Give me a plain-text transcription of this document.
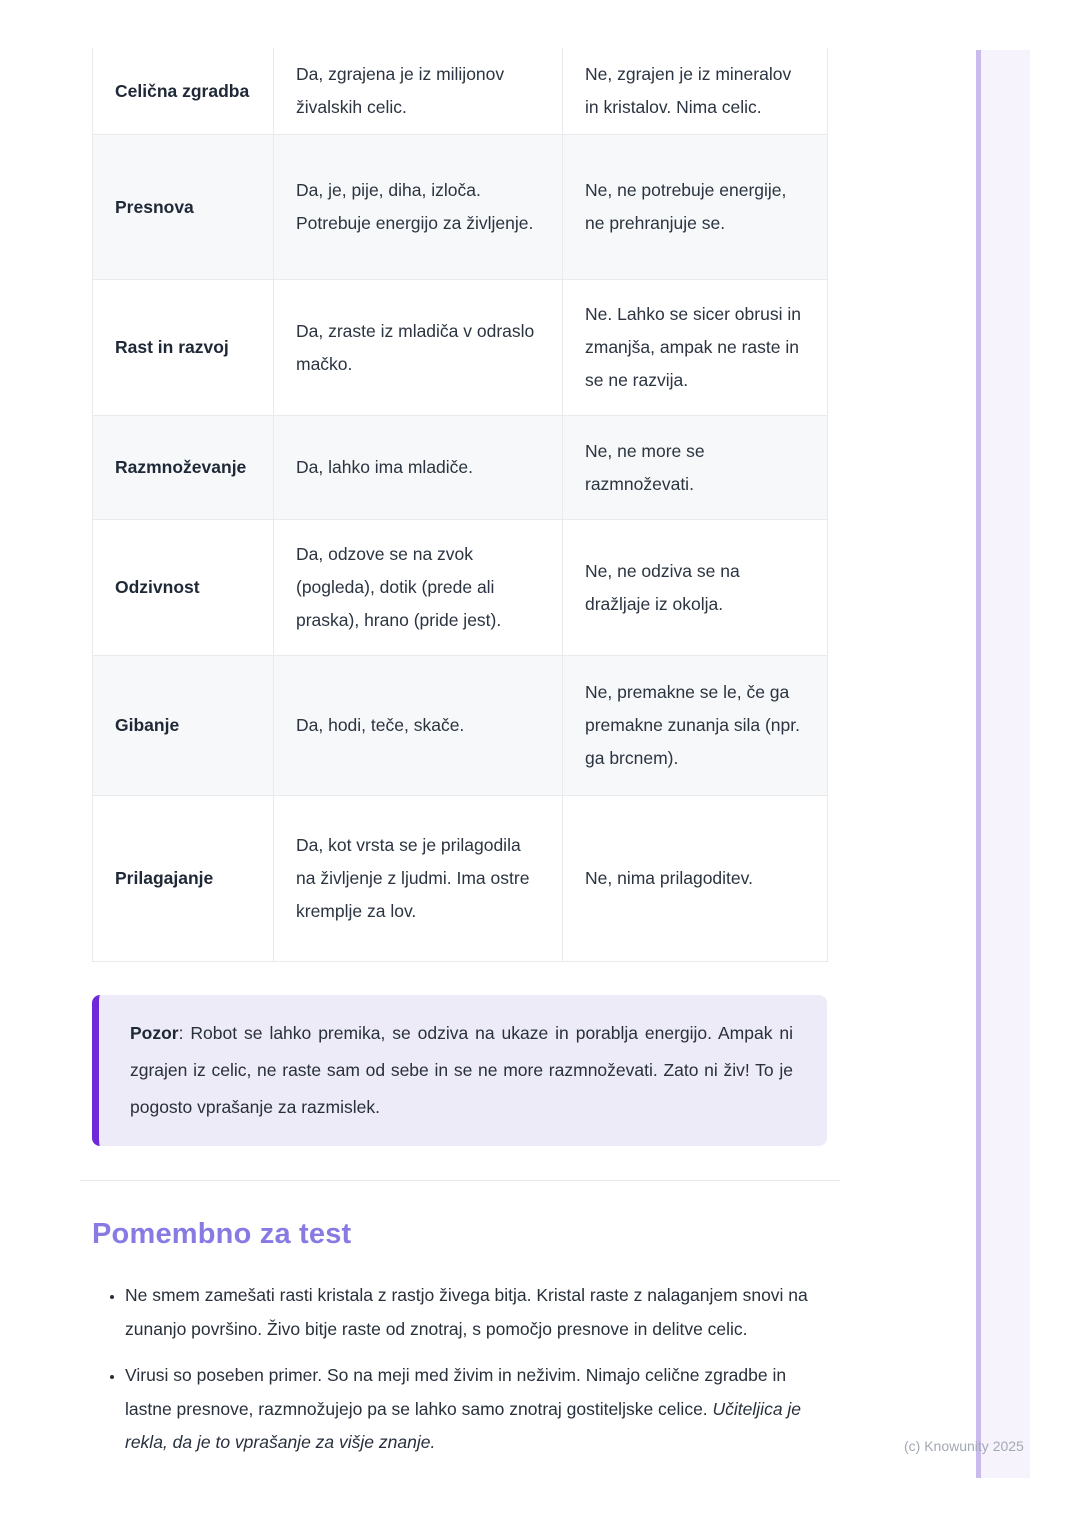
Celična zgradba	Da, zgrajena je iz milijonov živalskih celic.	Ne, zgrajen je iz mineralov in kristalov. Nima celic.
Presnova	Da, je, pije, diha, izloča. Potrebuje energijo za življenje.	Ne, ne potrebuje energije, ne prehranjuje se.
Rast in razvoj	Da, zraste iz mladiča v odraslo mačko.	Ne. Lahko se sicer obrusi in zmanjša, ampak ne raste in se ne razvija.
Razmnoževanje	Da, lahko ima mladiče.	Ne, ne more se razmnoževati.
Odzivnost	Da, odzove se na zvok (pogleda), dotik (prede ali praska), hrano (pride jest).	Ne, ne odziva se na dražljaje iz okolja.
Gibanje	Da, hodi, teče, skače.	Ne, premakne se le, če ga premakne zunanja sila (npr. ga brcnem).
Prilagajanje	Da, kot vrsta se je prilagodila na življenje z ljudmi. Ima ostre kremplje za lov.	Ne, nima prilagoditev.
Pozor: Robot se lahko premika, se odziva na ukaze in porablja energijo. Ampak ni zgrajen iz celic, ne raste sam od sebe in se ne more razmnoževati. Zato ni živ! To je pogosto vprašanje za razmislek.
Pomembno za test
• Ne smem zamešati rasti kristala z rastjo živega bitja. Kristal raste z nalaganjem snovi na zunanjo površino. Živo bitje raste od znotraj, s pomočjo presnove in delitve celic.
• Virusi so poseben primer. So na meji med živim in neživim. Nimajo celične zgradbe in lastne presnove, razmnožujejo pa se lahko samo znotraj gostiteljske celice. Učiteljica je rekla, da je to vprašanje za višje znanje.	(c) Knowunity 2025
